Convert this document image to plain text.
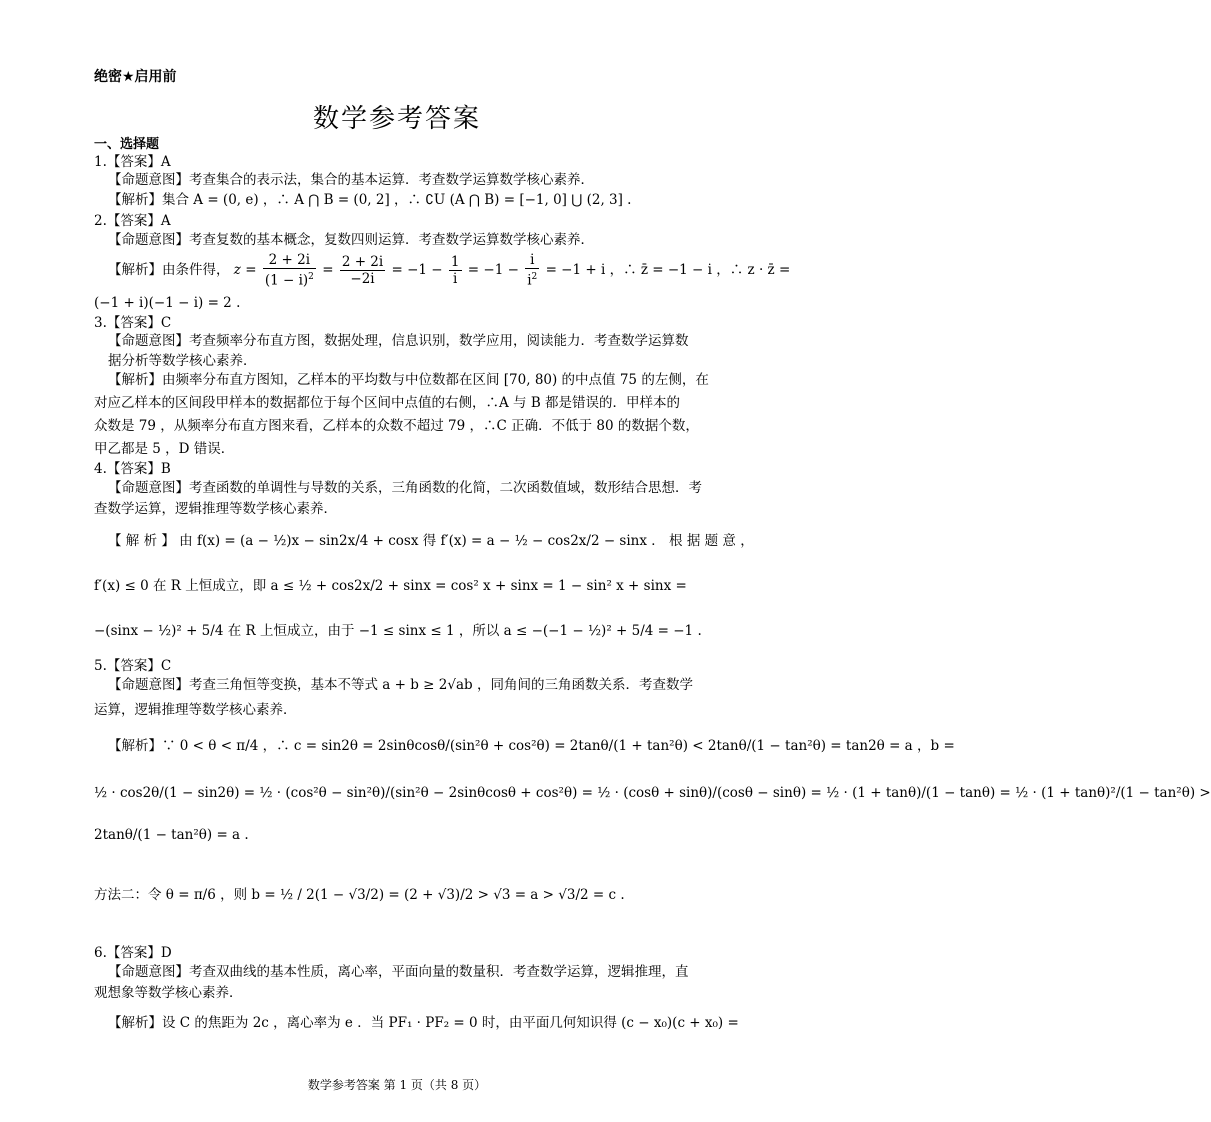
绝密★启用前
数学参考答案
一、选择题
1.【答案】A
【命题意图】考查集合的表示法，集合的基本运算．考查数学运算数学核心素养．
【解析】集合 A = (0, e) ，∴ A ⋂ B = (0, 2] ，∴ ∁U (A ⋂ B) = [−1, 0] ⋃ (2, 3] .
2.【答案】A
【命题意图】考查复数的基本概念，复数四则运算．考查数学运算数学核心素养．
【解析】由条件得， $z = \frac{2 + 2i}{(1 - i)^2} = \frac{2 + 2i}{-2i} = -1 - \frac{1}{i} = -1 - \frac{i}{i^2} = -1 + i$ ，∴ z̄ = −1 − i ，∴ z · z̄ =
(−1 + i)(−1 − i) = 2 .
3.【答案】C
【命题意图】考查频率分布直方图，数据处理，信息识别，数学应用，阅读能力．考查数学运算数
据分析等数学核心素养．
【解析】由频率分布直方图知，乙样本的平均数与中位数都在区间 [70, 80) 的中点值 75 的左侧，在
对应乙样本的区间段甲样本的数据都位于每个区间中点值的右侧，∴A 与 B 都是错误的．甲样本的
众数是 79 ，从频率分布直方图来看，乙样本的众数不超过 79 ，∴C 正确．不低于 80 的数据个数，
甲乙都是 5 ，D 错误．
4.【答案】B
【命题意图】考查函数的单调性与导数的关系，三角函数的化简，二次函数值域，数形结合思想．考
查数学运算，逻辑推理等数学核心素养．
【 解 析 】 由 f(x) = (a − ½)x − sin2x/4 + cosx 得 f′(x) = a − ½ − cos2x/2 − sinx ． 根 据 题 意 ，
f′(x) ≤ 0 在 R 上恒成立，即 a ≤ ½ + cos2x/2 + sinx = cos² x + sinx = 1 − sin² x + sinx =
−(sinx − ½)² + 5/4 在 R 上恒成立，由于 −1 ≤ sinx ≤ 1 ，所以 a ≤ −(−1 − ½)² + 5/4 = −1 .
5.【答案】C
【命题意图】考查三角恒等变换，基本不等式 a + b ≥ 2√ab ，同角间的三角函数关系．考查数学
运算，逻辑推理等数学核心素养．
【解析】∵ 0 < θ < π/4 ，∴ c = sin2θ = 2sinθcosθ/(sin²θ + cos²θ) = 2tanθ/(1 + tan²θ) < 2tanθ/(1 − tan²θ) = tan2θ = a ，b =
½ · cos2θ/(1 − sin2θ) = ½ · (cos²θ − sin²θ)/(sin²θ − 2sinθcosθ + cos²θ) = ½ · (cosθ + sinθ)/(cosθ − sinθ) = ½ · (1 + tanθ)/(1 − tanθ) = ½ · (1 + tanθ)²/(1 − tan²θ) >
2tanθ/(1 − tan²θ) = a .
方法二：令 θ = π/6 ，则 b = ½ / 2(1 − √3/2) = (2 + √3)/2 > √3 = a > √3/2 = c .
6.【答案】D
【命题意图】考查双曲线的基本性质，离心率，平面向量的数量积．考查数学运算，逻辑推理，直
观想象等数学核心素养．
【解析】设 C 的焦距为 2c ，离心率为 e ．当 PF₁ · PF₂ = 0 时，由平面几何知识得 (c − x₀)(c + x₀) =
数学参考答案 第 1 页（共 8 页）
